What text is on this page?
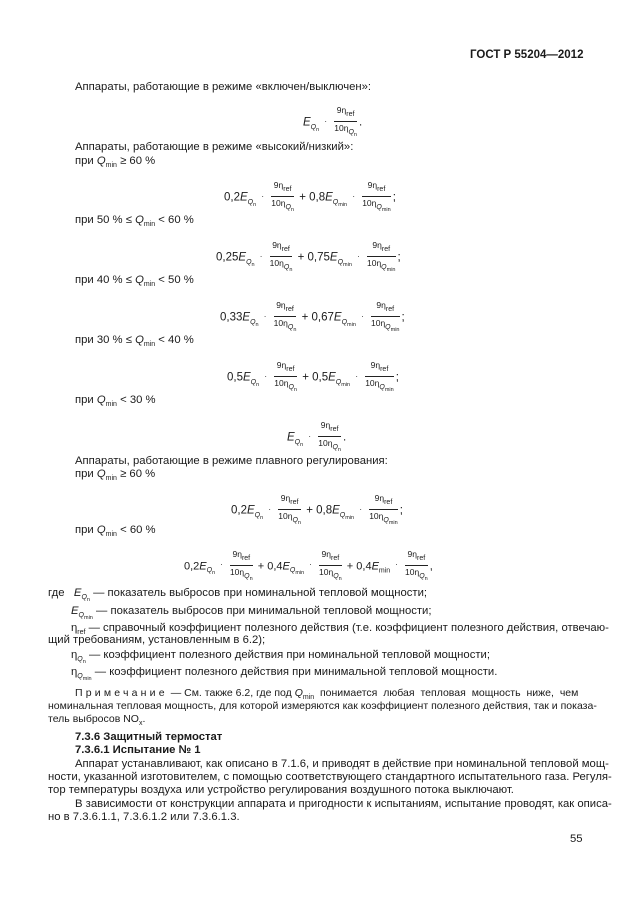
ГОСТ Р 55204—2012
Аппараты, работающие в режиме «включен/выключен»:
$E_{Q_n} \cdot \frac{9\eta_{ref}}{10\eta_{Q_n}}$ .
Аппараты, работающие в режиме «высокий/низкий»:
при $Q_{min} \ge 60$ %
$0,2E_{Q_n} \cdot \frac{9\eta_{ref}}{10\eta_{Q_n}} + 0,8E_{Q_{min}} \cdot \frac{9\eta_{ref}}{10\eta_{Q_{min}}}$ ;
при 50 % ≤ $Q_{min} < 60$ %
$0,25E_{Q_n} \cdot \frac{9\eta_{ref}}{10\eta_{Q_n}} + 0,75E_{Q_{min}} \cdot \frac{9\eta_{ref}}{10\eta_{Q_{min}}}$ ;
при 40 % ≤ $Q_{min} < 50$ %
$0,33E_{Q_n} \cdot \frac{9\eta_{ref}}{10\eta_{Q_n}} + 0,67E_{Q_{min}} \cdot \frac{9\eta_{ref}}{10\eta_{Q_{min}}}$ ;
при 30 % ≤ $Q_{min} < 40$ %
$0,5E_{Q_n} \cdot \frac{9\eta_{ref}}{10\eta_{Q_n}} + 0,5E_{Q_{min}} \cdot \frac{9\eta_{ref}}{10\eta_{Q_{min}}}$ ;
при $Q_{min} < 30$ %
$E_{Q_n} \cdot \frac{9\eta_{ref}}{10\eta_{Q_n}}$ .
Аппараты, работающие в режиме плавного регулирования:
при $Q_{min} \ge 60$ %
$0,2E_{Q_n} \cdot \frac{9\eta_{ref}}{10\eta_{Q_n}} + 0,8E_{Q_{min}} \cdot \frac{9\eta_{ref}}{10\eta_{Q_{min}}}$ ;
при $Q_{min} < 60$ %
$0,2E_{Q_n} \cdot \frac{9\eta_{ref}}{10\eta_{Q_n}} + 0,4E_{Q_{min}} \cdot \frac{9\eta_{ref}}{10\eta_{Q_n}} + 0,4E_{min} \cdot \frac{9\eta_{ref}}{10\eta_{Q_n}}$ ,
где $E_{Q_n}$ — показатель выбросов при номинальной тепловой мощности;
$E_{Q_{min}}$ — показатель выбросов при минимальной тепловой мощности;
$\eta_{ref}$ — справочный коэффициент полезного действия (т.е. коэффициент полезного действия, отвечаю-
щий требованиям, установленным в 6.2);
$\eta_{Q_n}$ — коэффициент полезного действия при номинальной тепловой мощности;
$\eta_{Q_{min}}$ — коэффициент полезного действия при минимальной тепловой мощности.
Примечание — См. также 6.2, где под $Q_{min}$ понимается любая тепловая мощность ниже, чем
номинальная тепловая мощность, для которой измеряются как коэффициент полезного действия, так и показа-
тель выбросов $NO_x$.
7.3.6 Защитный термостат
7.3.6.1 Испытание № 1
Аппарат устанавливают, как описано в 7.1.6, и приводят в действие при номинальной тепловой мощ-
ности, указанной изготовителем, с помощью соответствующего стандартного испытательного газа. Регуля-
тор температуры воздуха или устройство регулирования воздушного потока выключают.
В зависимости от конструкции аппарата и пригодности к испытаниям, испытание проводят, как описа-
но в 7.3.6.1.1, 7.3.6.1.2 или 7.3.6.1.3.
55
